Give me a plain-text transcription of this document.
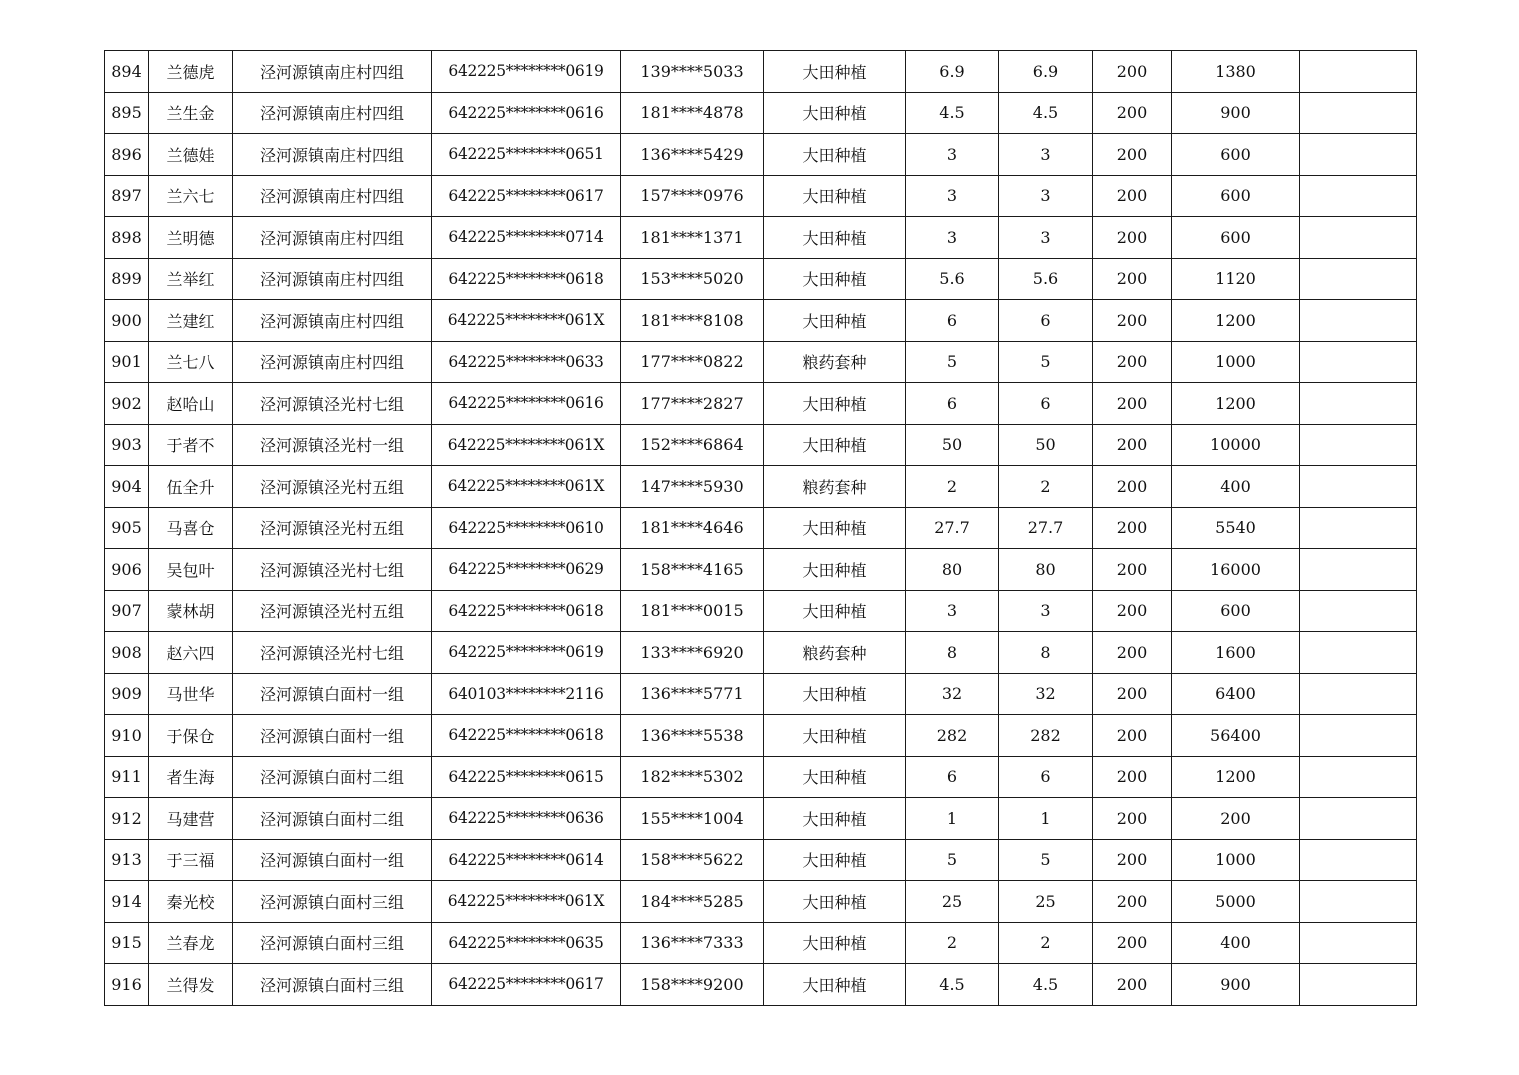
894	兰德虎	泾河源镇南庄村四组	642225********0619	139****5033	大田种植	6.9	6.9	200	1380	
895	兰生金	泾河源镇南庄村四组	642225********0616	181****4878	大田种植	4.5	4.5	200	900	
896	兰德娃	泾河源镇南庄村四组	642225********0651	136****5429	大田种植	3	3	200	600	
897	兰六七	泾河源镇南庄村四组	642225********0617	157****0976	大田种植	3	3	200	600	
898	兰明德	泾河源镇南庄村四组	642225********0714	181****1371	大田种植	3	3	200	600	
899	兰举红	泾河源镇南庄村四组	642225********0618	153****5020	大田种植	5.6	5.6	200	1120	
900	兰建红	泾河源镇南庄村四组	642225********061X	181****8108	大田种植	6	6	200	1200	
901	兰七八	泾河源镇南庄村四组	642225********0633	177****0822	粮药套种	5	5	200	1000	
902	赵哈山	泾河源镇泾光村七组	642225********0616	177****2827	大田种植	6	6	200	1200	
903	于者不	泾河源镇泾光村一组	642225********061X	152****6864	大田种植	50	50	200	10000	
904	伍全升	泾河源镇泾光村五组	642225********061X	147****5930	粮药套种	2	2	200	400	
905	马喜仓	泾河源镇泾光村五组	642225********0610	181****4646	大田种植	27.7	27.7	200	5540	
906	吴包叶	泾河源镇泾光村七组	642225********0629	158****4165	大田种植	80	80	200	16000	
907	蒙林胡	泾河源镇泾光村五组	642225********0618	181****0015	大田种植	3	3	200	600	
908	赵六四	泾河源镇泾光村七组	642225********0619	133****6920	粮药套种	8	8	200	1600	
909	马世华	泾河源镇白面村一组	640103********2116	136****5771	大田种植	32	32	200	6400	
910	于保仓	泾河源镇白面村一组	642225********0618	136****5538	大田种植	282	282	200	56400	
911	者生海	泾河源镇白面村二组	642225********0615	182****5302	大田种植	6	6	200	1200	
912	马建营	泾河源镇白面村二组	642225********0636	155****1004	大田种植	1	1	200	200	
913	于三福	泾河源镇白面村一组	642225********0614	158****5622	大田种植	5	5	200	1000	
914	秦光校	泾河源镇白面村三组	642225********061X	184****5285	大田种植	25	25	200	5000	
915	兰春龙	泾河源镇白面村三组	642225********0635	136****7333	大田种植	2	2	200	400	
916	兰得发	泾河源镇白面村三组	642225********0617	158****9200	大田种植	4.5	4.5	200	900	
